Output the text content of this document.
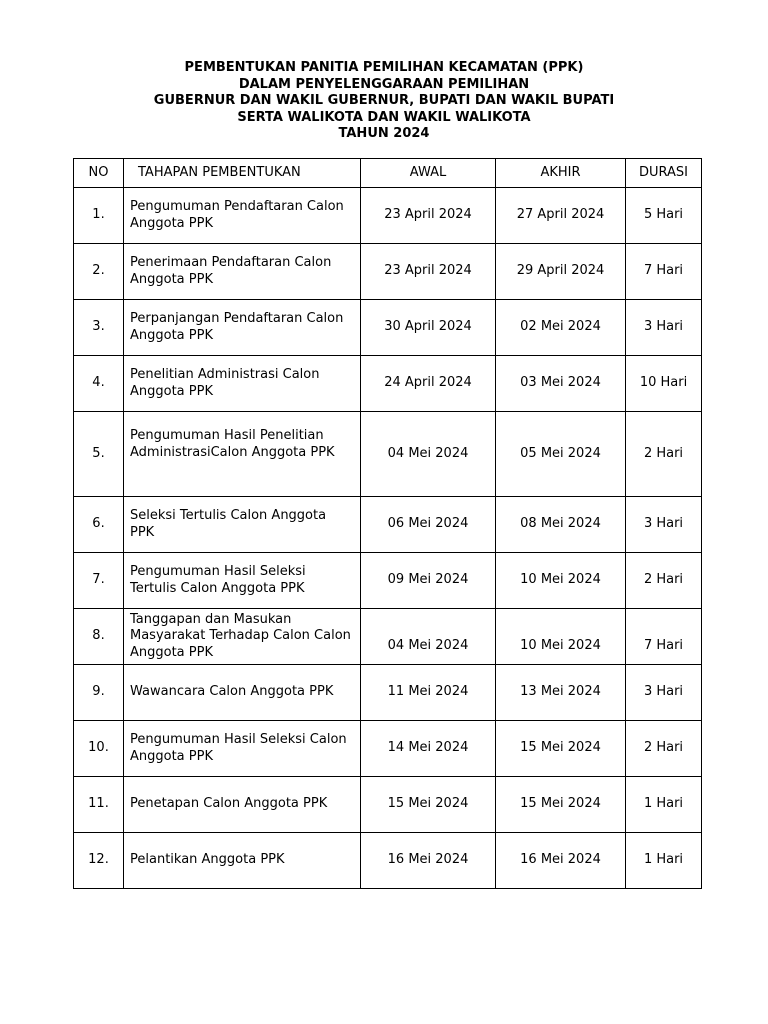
PEMBENTUKAN PANITIA PEMILIHAN KECAMATAN (PPK)
DALAM PENYELENGGARAAN PEMILIHAN
GUBERNUR DAN WAKIL GUBERNUR, BUPATI DAN WAKIL BUPATI
SERTA WALIKOTA DAN WAKIL WALIKOTA
TAHUN 2024
NO	TAHAPAN PEMBENTUKAN	AWAL	AKHIR	DURASI
1.	Pengumuman Pendaftaran Calon Anggota PPK	23 April 2024	27 April 2024	5 Hari
2.	Penerimaan Pendaftaran Calon Anggota PPK	23 April 2024	29 April 2024	7 Hari
3.	Perpanjangan Pendaftaran Calon Anggota PPK	30 April 2024	02 Mei 2024	3 Hari
4.	Penelitian Administrasi Calon Anggota PPK	24 April 2024	03 Mei 2024	10 Hari
5.	Pengumuman Hasil Penelitian AdministrasiCalon Anggota PPK	04 Mei 2024	05 Mei 2024	2 Hari
6.	Seleksi Tertulis Calon Anggota PPK	06 Mei 2024	08 Mei 2024	3 Hari
7.	Pengumuman Hasil Seleksi Tertulis Calon Anggota PPK	09 Mei 2024	10 Mei 2024	2 Hari
8.	Tanggapan dan Masukan Masyarakat Terhadap Calon Calon Anggota PPK	04 Mei 2024	10 Mei 2024	7 Hari
9.	Wawancara Calon Anggota PPK	11 Mei 2024	13 Mei 2024	3 Hari
10.	Pengumuman Hasil Seleksi Calon Anggota PPK	14 Mei 2024	15 Mei 2024	2 Hari
11.	Penetapan Calon Anggota PPK	15 Mei 2024	15 Mei 2024	1 Hari
12.	Pelantikan Anggota PPK	16 Mei 2024	16 Mei 2024	1 Hari
